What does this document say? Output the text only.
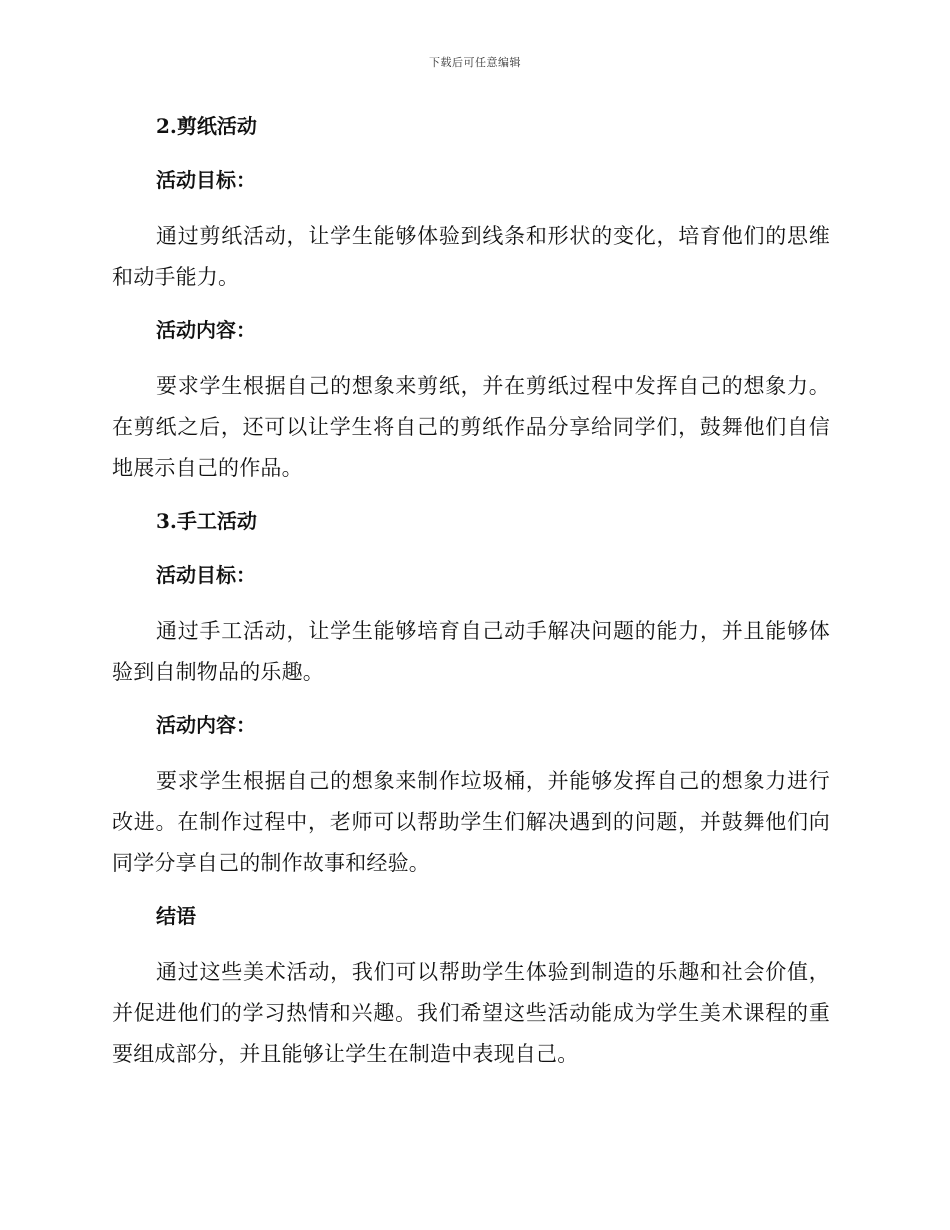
下载后可任意编辑
2.剪纸活动
活动目标：

通过剪纸活动，让学生能够体验到线条和形状的变化，培育他们的思维和动手能力。

活动内容：

要求学生根据自己的想象来剪纸，并在剪纸过程中发挥自己的想象力。在剪纸之后，还可以让学生将自己的剪纸作品分享给同学们，鼓舞他们自信地展示自己的作品。

3.手工活动
活动目标：

通过手工活动，让学生能够培育自己动手解决问题的能力，并且能够体验到自制物品的乐趣。

活动内容：

要求学生根据自己的想象来制作垃圾桶，并能够发挥自己的想象力进行改进。在制作过程中，老师可以帮助学生们解决遇到的问题，并鼓舞他们向同学分享自己的制作故事和经验。

结语

通过这些美术活动，我们可以帮助学生体验到制造的乐趣和社会价值，并促进他们的学习热情和兴趣。我们希望这些活动能成为学生美术课程的重要组成部分，并且能够让学生在制造中表现自己。
